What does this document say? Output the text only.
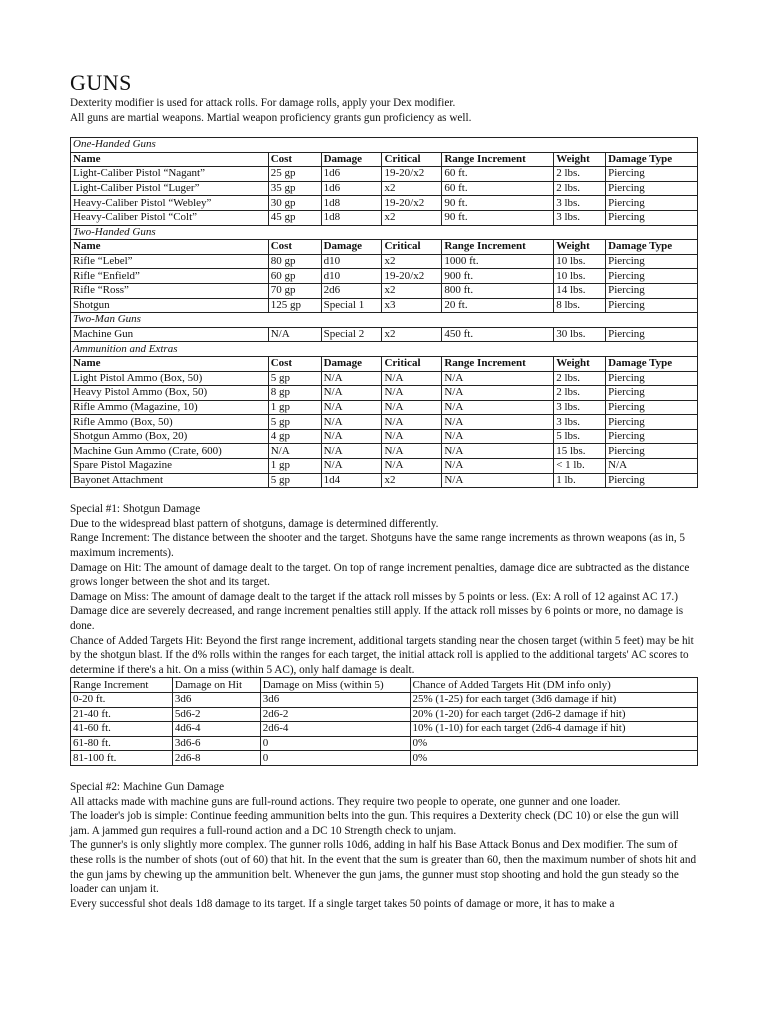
GUNS

Dexterity modifier is used for attack rolls. For damage rolls, apply your Dex modifier.

All guns are martial weapons. Martial weapon proficiency grants gun proficiency as well.

One-Handed Guns						
Name	Cost	Damage	Critical	Range Increment	Weight	Damage Type
Light-Caliber Pistol “Nagant”	25 gp	1d6	19-20/x2	60 ft.	2 lbs.	Piercing
Light-Caliber Pistol “Luger”	35 gp	1d6	x2	60 ft.	2 lbs.	Piercing
Heavy-Caliber Pistol “Webley”	30 gp	1d8	19-20/x2	90 ft.	3 lbs.	Piercing
Heavy-Caliber Pistol “Colt”	45 gp	1d8	x2	90 ft.	3 lbs.	Piercing
Two-Handed Guns						
Name	Cost	Damage	Critical	Range Increment	Weight	Damage Type
Rifle “Lebel”	80 gp	d10	x2	1000 ft.	10 lbs.	Piercing
Rifle “Enfield”	60 gp	d10	19-20/x2	900 ft.	10 lbs.	Piercing
Rifle “Ross”	70 gp	2d6	x2	800 ft.	14 lbs.	Piercing
Shotgun	125 gp	Special 1	x3	20 ft.	8 lbs.	Piercing
Two-Man Guns						
Machine Gun	N/A	Special 2	x2	450 ft.	30 lbs.	Piercing
Ammunition and Extras						
Name	Cost	Damage	Critical	Range Increment	Weight	Damage Type
Light Pistol Ammo (Box, 50)	5 gp	N/A	N/A	N/A	2 lbs.	Piercing
Heavy Pistol Ammo (Box, 50)	8 gp	N/A	N/A	N/A	2 lbs.	Piercing
Rifle Ammo (Magazine, 10)	1 gp	N/A	N/A	N/A	3 lbs.	Piercing
Rifle Ammo (Box, 50)	5 gp	N/A	N/A	N/A	3 lbs.	Piercing
Shotgun Ammo (Box, 20)	4 gp	N/A	N/A	N/A	5 lbs.	Piercing
Machine Gun Ammo (Crate, 600)	N/A	N/A	N/A	N/A	15 lbs.	Piercing
Spare Pistol Magazine	1 gp	N/A	N/A	N/A	< 1 lb.	N/A
Bayonet Attachment	5 gp	1d4	x2	N/A	1 lb.	Piercing

Special #1: Shotgun Damage

Due to the widespread blast pattern of shotguns, damage is determined differently.

Range Increment: The distance between the shooter and the target. Shotguns have the same range increments as thrown weapons (as in, 5 maximum increments).

Damage on Hit: The amount of damage dealt to the target. On top of range increment penalties, damage dice are subtracted as the distance grows longer between the shot and its target.

Damage on Miss: The amount of damage dealt to the target if the attack roll misses by 5 points or less. (Ex: A roll of 12 against AC 17.) Damage dice are severely decreased, and range increment penalties still apply. If the attack roll misses by 6 points or more, no damage is done.

Chance of Added Targets Hit: Beyond the first range increment, additional targets standing near the chosen target (within 5 feet) may be hit by the shotgun blast. If the d% rolls within the ranges for each target, the initial attack roll is applied to the additional targets' AC scores to determine if there's a hit. On a miss (within 5 AC), only half damage is dealt.

Range Increment	Damage on Hit	Damage on Miss (within 5)	Chance of Added Targets Hit (DM info only)
0-20 ft.	3d6	3d6	25% (1-25) for each target (3d6 damage if hit)
21-40 ft.	5d6-2	2d6-2	20% (1-20) for each target (2d6-2 damage if hit)
41-60 ft.	4d6-4	2d6-4	10% (1-10) for each target (2d6-4 damage if hit)
61-80 ft.	3d6-6	0	0%
81-100 ft.	2d6-8	0	0%

Special #2: Machine Gun Damage

All attacks made with machine guns are full-round actions. They require two people to operate, one gunner and one loader.

The loader's job is simple: Continue feeding ammunition belts into the gun. This requires a Dexterity check (DC 10) or else the gun will jam. A jammed gun requires a full-round action and a DC 10 Strength check to unjam.

The gunner's is only slightly more complex. The gunner rolls 10d6, adding in half his Base Attack Bonus and Dex modifier. The sum of these rolls is the number of shots (out of 60) that hit. In the event that the sum is greater than 60, then the maximum number of shots hit and the gun jams by chewing up the ammunition belt. Whenever the gun jams, the gunner must stop shooting and hold the gun steady so the loader can unjam it.

Every successful shot deals 1d8 damage to its target. If a single target takes 50 points of damage or more, it has to make a
